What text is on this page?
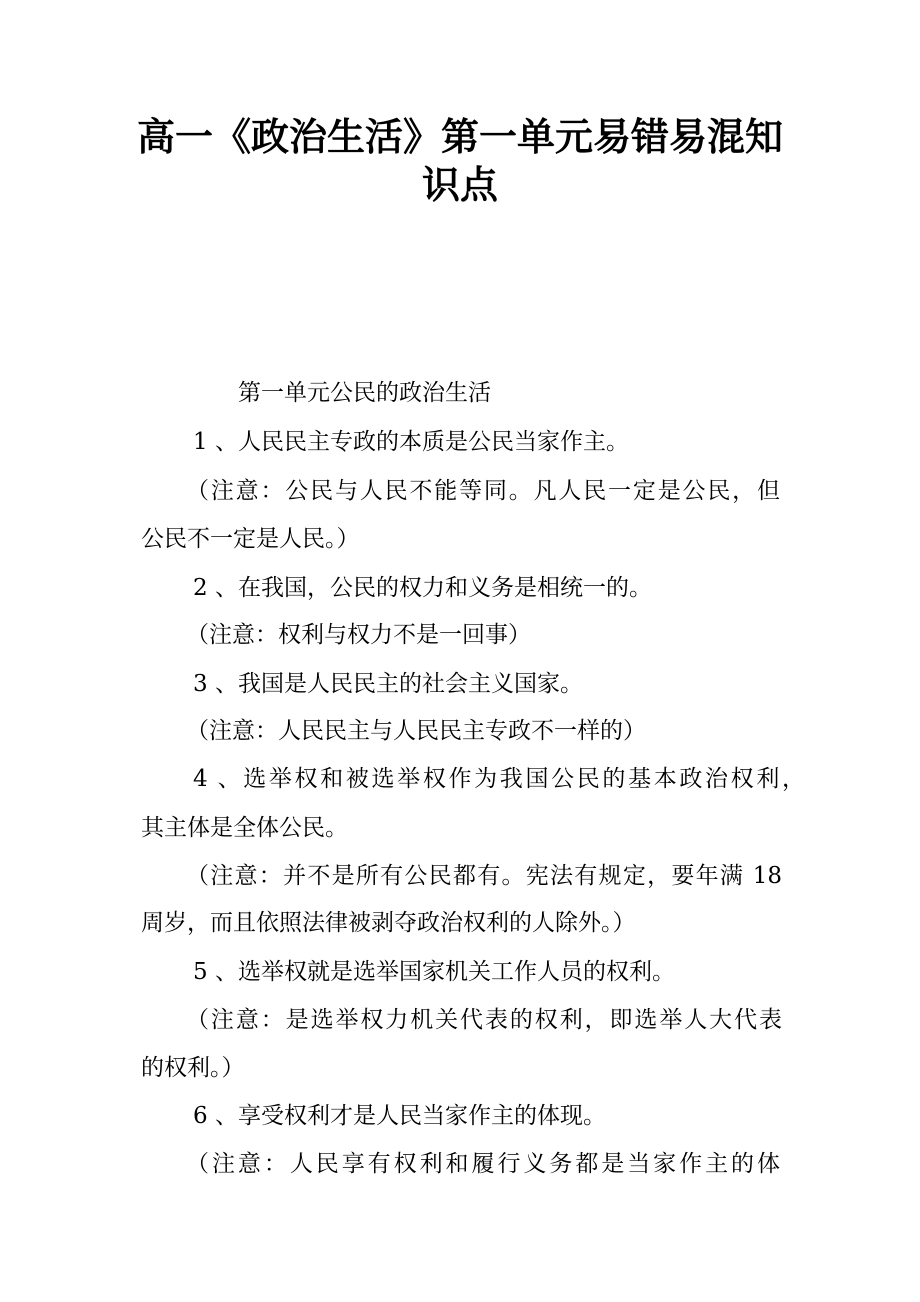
高一《政治生活》第一单元易错易混知
识点
第一单元公民的政治生活
1 、人民民主专政的本质是公民当家作主。
（注意：公民与人民不能等同。凡人民一定是公民，但
公民不一定是人民。）
2 、在我国，公民的权力和义务是相统一的。
（注意：权利与权力不是一回事）
3 、我国是人民民主的社会主义国家。
（注意：人民民主与人民民主专政不一样的）
4 、选举权和被选举权作为我国公民的基本政治权利，
其主体是全体公民。
（注意：并不是所有公民都有。宪法有规定，要年满 18
周岁，而且依照法律被剥夺政治权利的人除外。）
5 、选举权就是选举国家机关工作人员的权利。
（注意：是选举权力机关代表的权利，即选举人大代表
的权利。）
6 、享受权利才是人民当家作主的体现。
（注意：人民享有权利和履行义务都是当家作主的体
